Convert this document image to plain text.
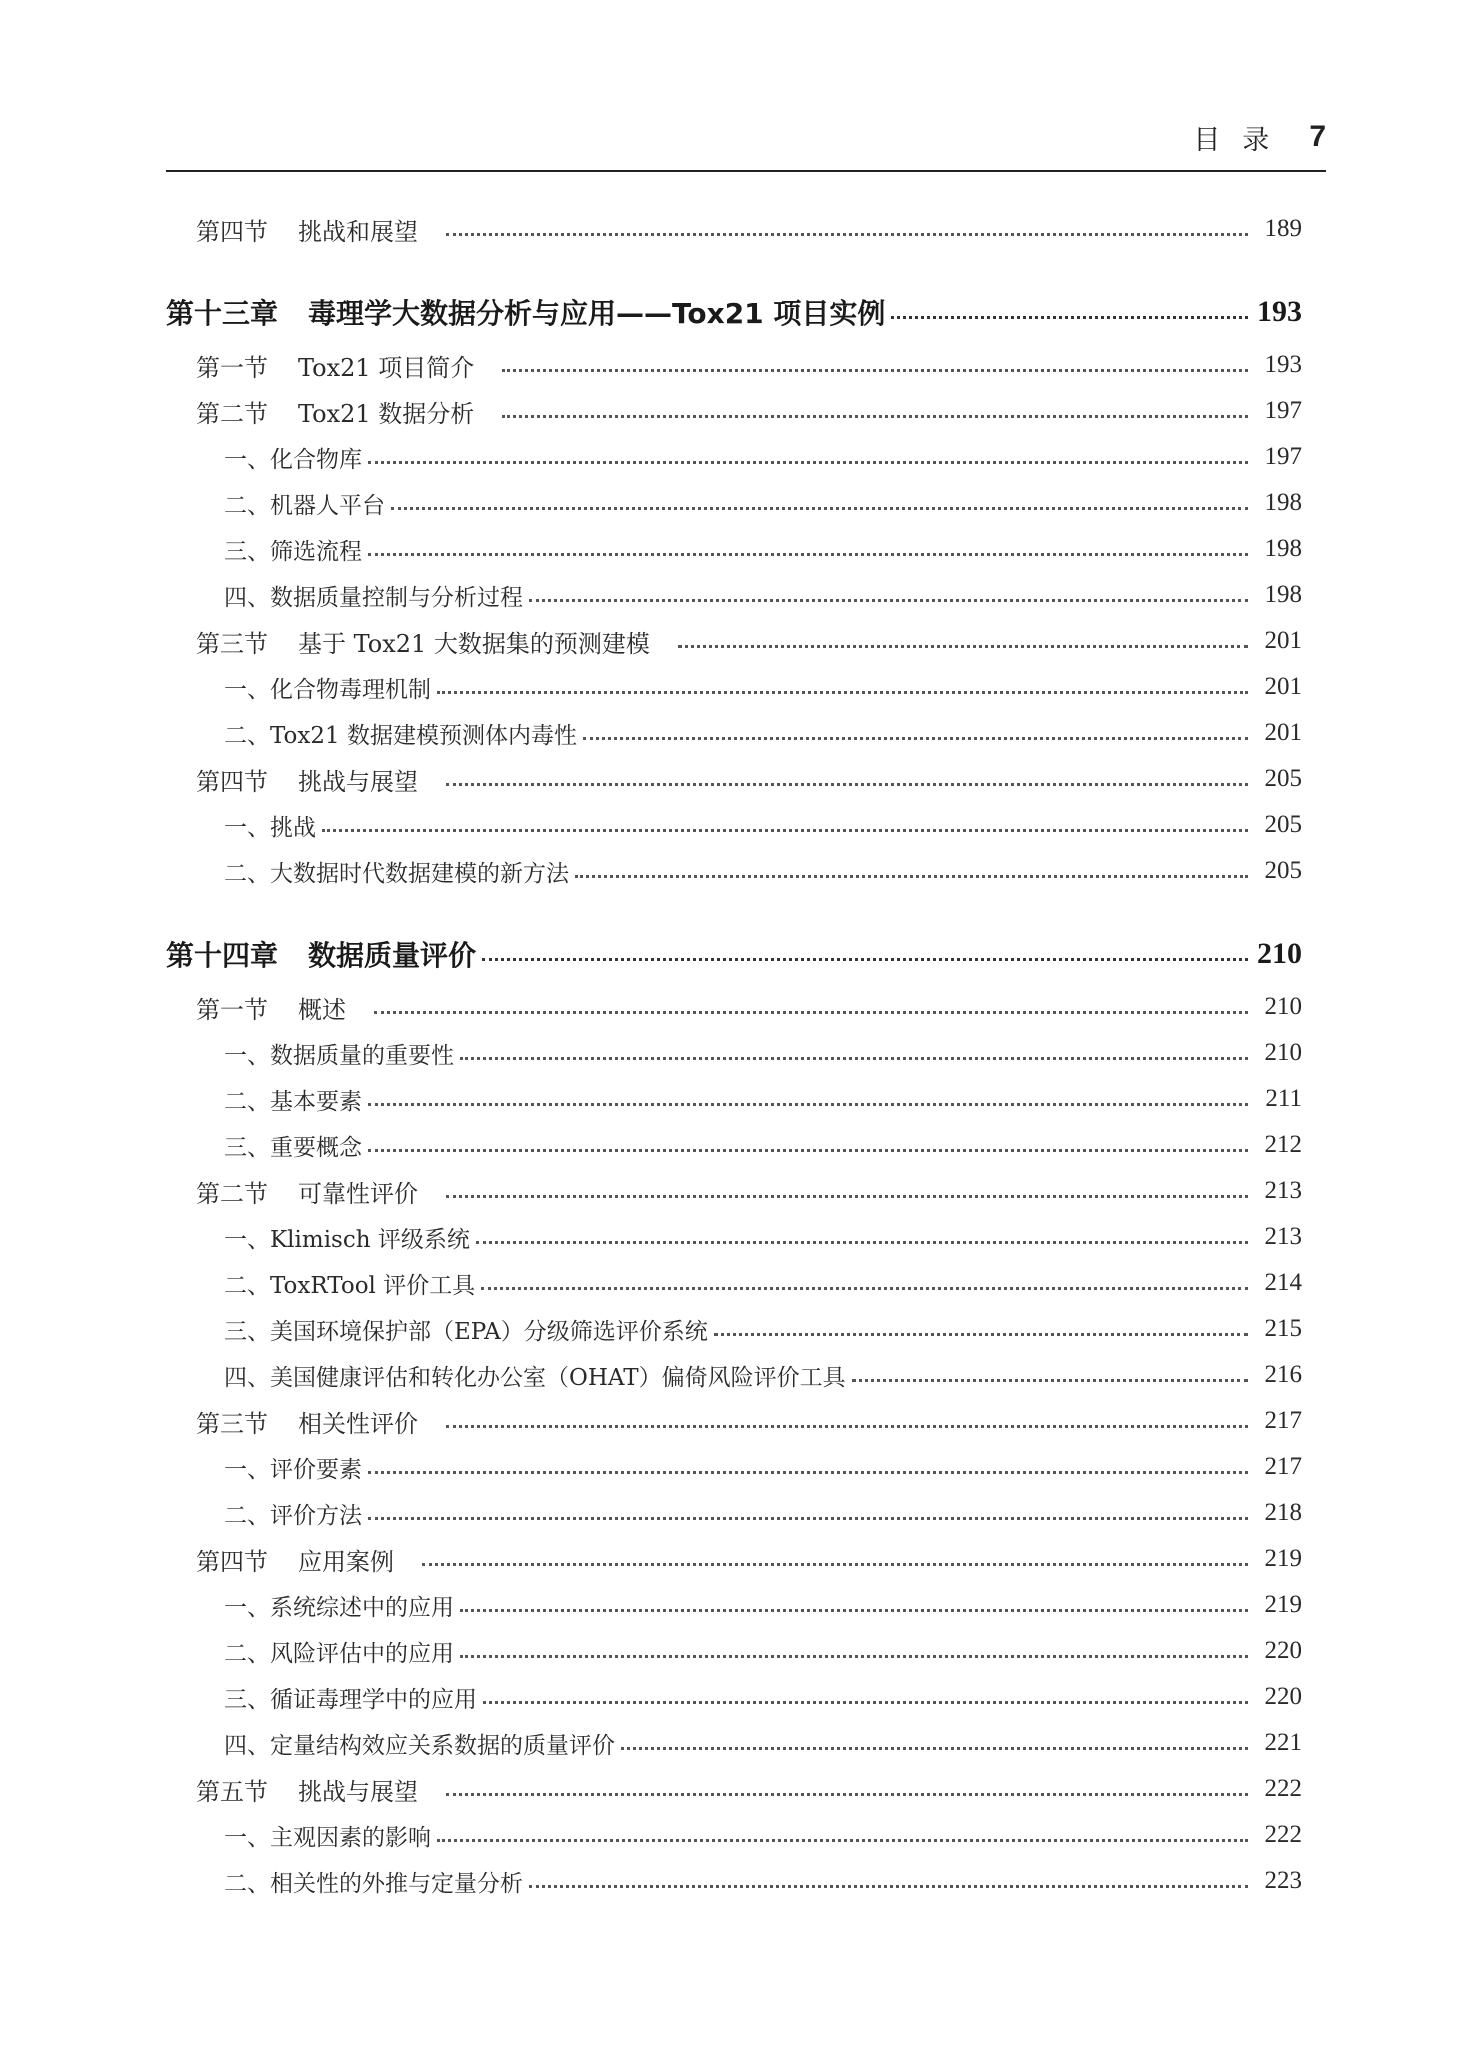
目录 7
第四节 挑战和展望	189
第十三章 毒理学大数据分析与应用——Tox21 项目实例	193
第一节 Tox21 项目简介	193
第二节 Tox21 数据分析	197
一、化合物库	197
二、机器人平台	198
三、筛选流程	198
四、数据质量控制与分析过程	198
第三节 基于 Tox21 大数据集的预测建模	201
一、化合物毒理机制	201
二、Tox21 数据建模预测体内毒性	201
第四节 挑战与展望	205
一、挑战	205
二、大数据时代数据建模的新方法	205
第十四章 数据质量评价	210
第一节 概述	210
一、数据质量的重要性	210
二、基本要素	211
三、重要概念	212
第二节 可靠性评价	213
一、Klimisch 评级系统	213
二、ToxRTool 评价工具	214
三、美国环境保护部（EPA）分级筛选评价系统	215
四、美国健康评估和转化办公室（OHAT）偏倚风险评价工具	216
第三节 相关性评价	217
一、评价要素	217
二、评价方法	218
第四节 应用案例	219
一、系统综述中的应用	219
二、风险评估中的应用	220
三、循证毒理学中的应用	220
四、定量结构效应关系数据的质量评价	221
第五节 挑战与展望	222
一、主观因素的影响	222
二、相关性的外推与定量分析	223
